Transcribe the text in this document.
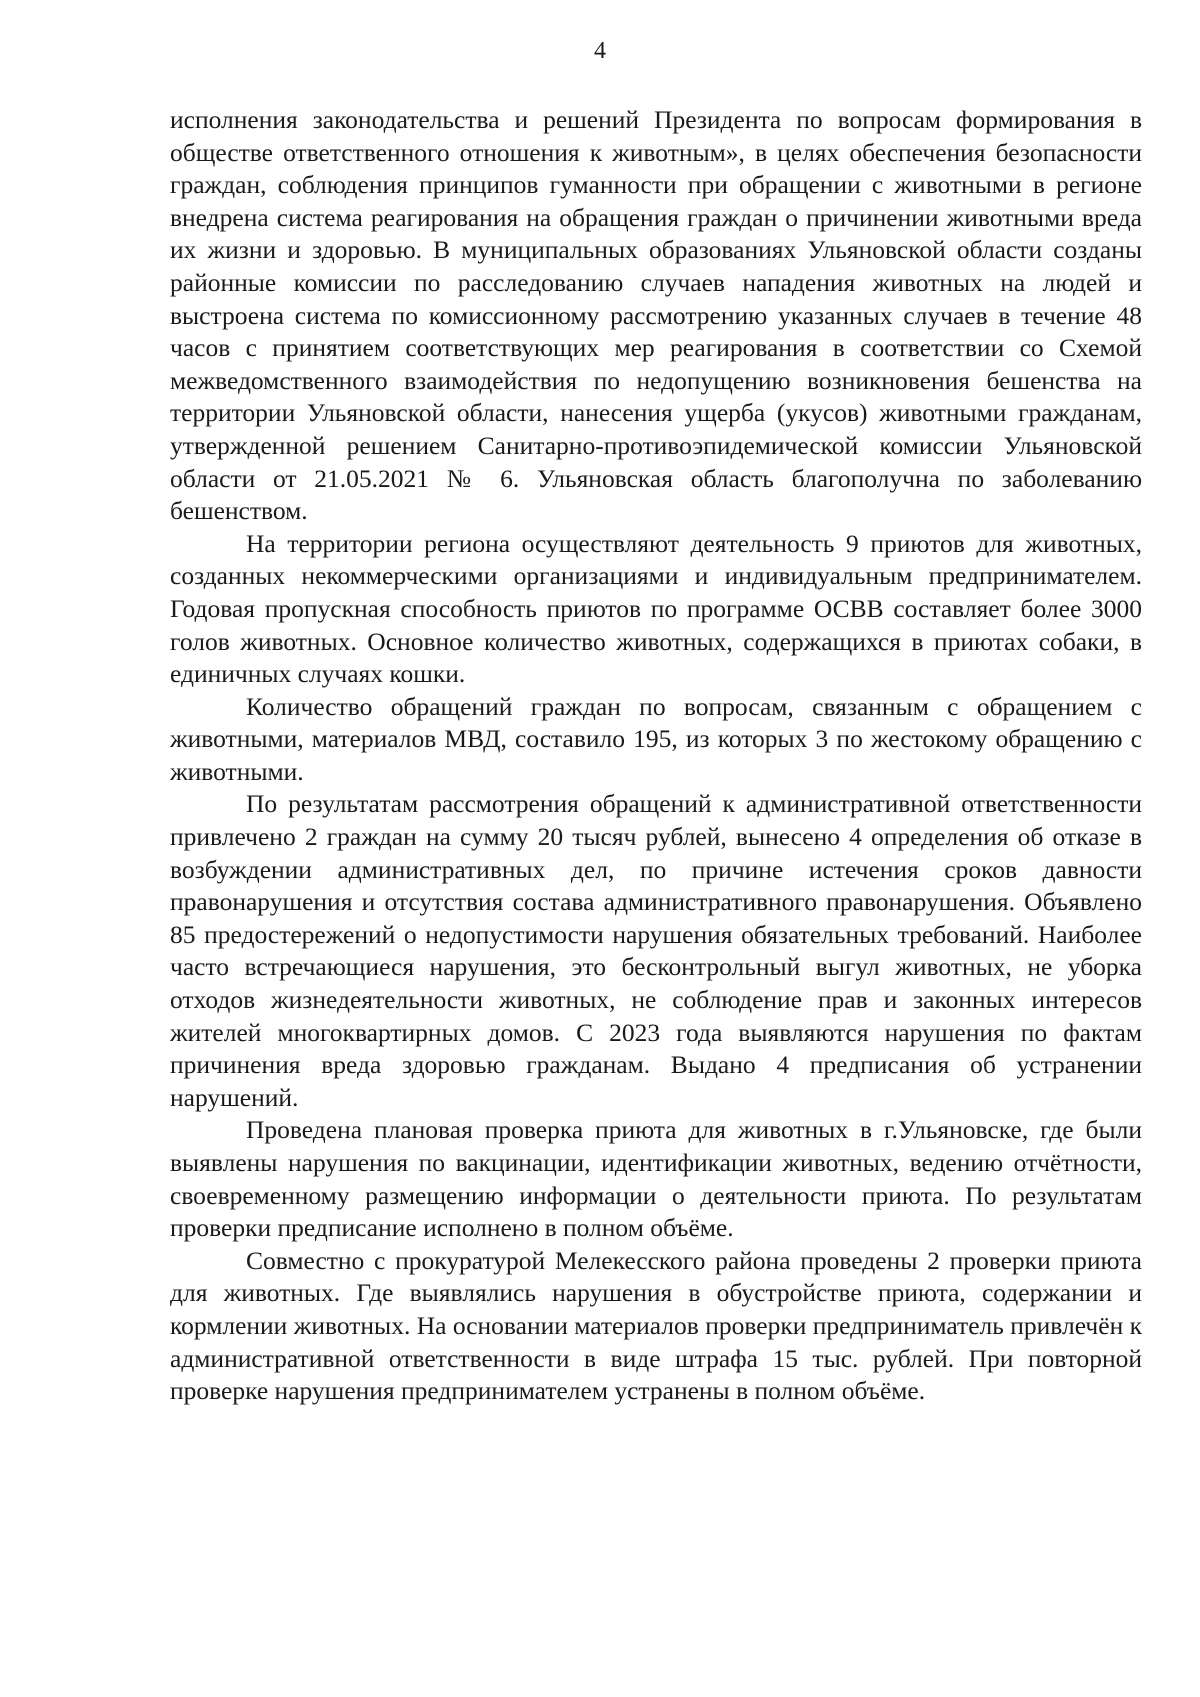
4

исполнения законодательства и решений Президента по вопросам формирования в обществе ответственного отношения к животным», в целях обеспечения безопасности граждан, соблюдения принципов гуманности при обращении с животными в регионе внедрена система реагирования на обращения граждан о причинении животными вреда их жизни и здоровью. В муниципальных образованиях Ульяновской области созданы районные комиссии по расследованию случаев нападения животных на людей и выстроена система по комиссионному рассмотрению указанных случаев в течение 48 часов с принятием соответствующих мер реагирования в соответствии со Схемой межведомственного взаимодействия по недопущению возникновения бешенства на территории Ульяновской области, нанесения ущерба (укусов) животными гражданам, утвержденной решением Санитарно-противоэпидемической комиссии Ульяновской области от 21.05.2021 № 6. Ульяновская область благополучна по заболеванию бешенством.

На территории региона осуществляют деятельность 9 приютов для животных, созданных некоммерческими организациями и индивидуальным предпринимателем. Годовая пропускная способность приютов по программе ОСВВ составляет более 3000 голов животных. Основное количество животных, содержащихся в приютах собаки, в единичных случаях кошки.

Количество обращений граждан по вопросам, связанным с обращением с животными, материалов МВД, составило 195, из которых 3 по жестокому обращению с животными.

По результатам рассмотрения обращений к административной ответственности привлечено 2 граждан на сумму 20 тысяч рублей, вынесено 4 определения об отказе в возбуждении административных дел, по причине истечения сроков давности правонарушения и отсутствия состава административного правонарушения. Объявлено 85 предостережений о недопустимости нарушения обязательных требований. Наиболее часто встречающиеся нарушения, это бесконтрольный выгул животных, не уборка отходов жизнедеятельности животных, не соблюдение прав и законных интересов жителей многоквартирных домов. С 2023 года выявляются нарушения по фактам причинения вреда здоровью гражданам. Выдано 4 предписания об устранении нарушений.

Проведена плановая проверка приюта для животных в г.Ульяновске, где были выявлены нарушения по вакцинации, идентификации животных, ведению отчётности, своевременному размещению информации о деятельности приюта. По результатам проверки предписание исполнено в полном объёме.

Совместно с прокуратурой Мелекесского района проведены 2 проверки приюта для животных. Где выявлялись нарушения в обустройстве приюта, содержании и кормлении животных. На основании материалов проверки предприниматель привлечён к административной ответственности в виде штрафа 15 тыс. рублей. При повторной проверке нарушения предпринимателем устранены в полном объёме.
